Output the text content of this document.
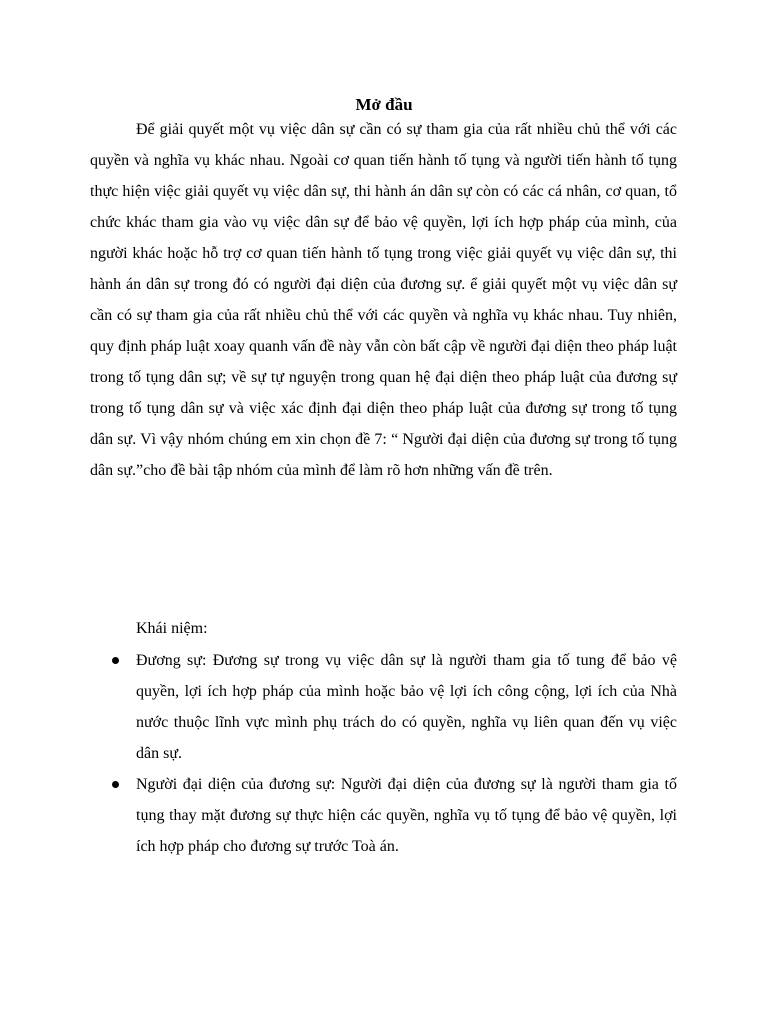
Mở đầu

Để giải quyết một vụ việc dân sự cần có sự tham gia của rất nhiều chủ thể với các quyền và nghĩa vụ khác nhau. Ngoài cơ quan tiến hành tố tụng và người tiến hành tố tụng thực hiện việc giải quyết vụ việc dân sự, thi hành án dân sự còn có các cá nhân, cơ quan, tổ chức khác tham gia vào vụ việc dân sự để bảo vệ quyền, lợi ích hợp pháp của mình, của người khác hoặc hỗ trợ cơ quan tiến hành tố tụng trong việc giải quyết vụ việc dân sự, thi hành án dân sự trong đó có người đại diện của đương sự. ể giải quyết một vụ việc dân sự cần có sự tham gia của rất nhiều chủ thể với các quyền và nghĩa vụ khác nhau. Tuy nhiên, quy định pháp luật xoay quanh vấn đề này vẫn còn bất cập về người đại diện theo pháp luật trong tố tụng dân sự; về sự tự nguyện trong quan hệ đại diện theo pháp luật của đương sự trong tố tụng dân sự và việc xác định đại diện theo pháp luật của đương sự trong tố tụng dân sự. Vì vậy nhóm chúng em xin chọn đề 7: “ Người đại diện của đương sự trong tố tụng dân sự.”cho đề bài tập nhóm của mình để làm rõ hơn những vấn đề trên.

Khái niệm:

Đương sự: Đương sự trong vụ việc dân sự là người tham gia tố tung để bảo vệ quyền, lợi ích hợp pháp của mình hoặc bảo vệ lợi ích công cộng, lợi ích của Nhà nước thuộc lĩnh vực mình phụ trách do có quyền, nghĩa vụ liên quan đến vụ việc dân sự.
Người đại diện của đương sự: Người đại diện của đương sự là người tham gia tố tụng thay mặt đương sự thực hiện các quyền, nghĩa vụ tố tụng để bảo vệ quyền, lợi ích hợp pháp cho đương sự trước Toà án.
